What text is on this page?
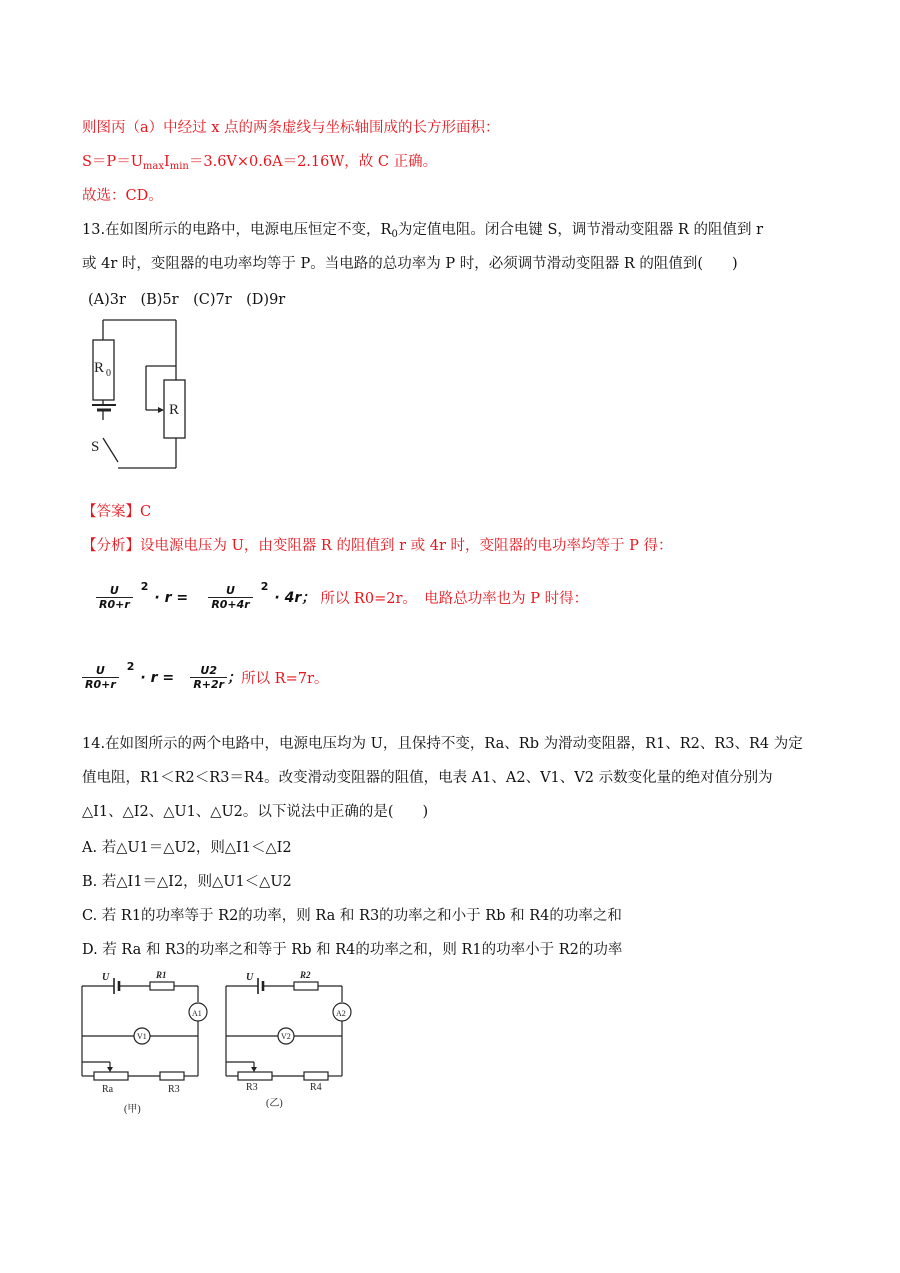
则图丙（a）中经过 x 点的两条虚线与坐标轴围成的长方形面积：
$S=P=U_{max}I_{min}=3.6V\times 0.6A=2.16W$，故 C 正确。
故选：CD。
13.在如图所示的电路中，电源电压恒定不变，$R_0$为定值电阻。闭合电键 S，调节滑动变阻器 R 的阻值到 r
或 4r 时，变阻器的电功率均等于 P。当电路的总功率为 P 时，必须调节滑动变阻器 R 的阻值到(　　)
(A)3r　(B)5r　(C)7r　(D)9r
R 0
R
S
【答案】C
【分析】设电源电压为 U，由变阻器 R 的阻值到 r 或 4r 时，变阻器的电功率均等于 P 得：
$\frac{U}{R0+r} ^2\cdot r = \frac{U}{R0+4r} ^2\cdot 4r$； 所以 R0=2r。　电路总功率也为 P 时得：
$\frac{U}{R0+r} ^2\cdot r = \frac{U2}{R+2r}$ ；所以 R=7r。
14.在如图所示的两个电路中，电源电压均为 U，且保持不变，Ra、Rb 为滑动变阻器，R1、R2、R3、R4 为定
值电阻，R1＜R2＜R3＝R4。改变滑动变阻器的阻值，电表 A1、A2、V1、V2 示数变化量的绝对值分别为
△I1、△I2、△U1、△U2。以下说法中正确的是(　　)
A. 若△U1＝△U2，则△I1＜△I2
B. 若△I1＝△I2，则△U1＜△U2
C. 若 R1的功率等于 R2的功率，则 Ra 和 R3的功率之和小于 Rb 和 R4的功率之和
D. 若 Ra 和 R3的功率之和等于 Rb 和 R4的功率之和，则 R1的功率小于 R2的功率
U	R1
A1
V1
Ra	R3
(甲)
U	R2
A2
V2
R3	R4
(乙)
